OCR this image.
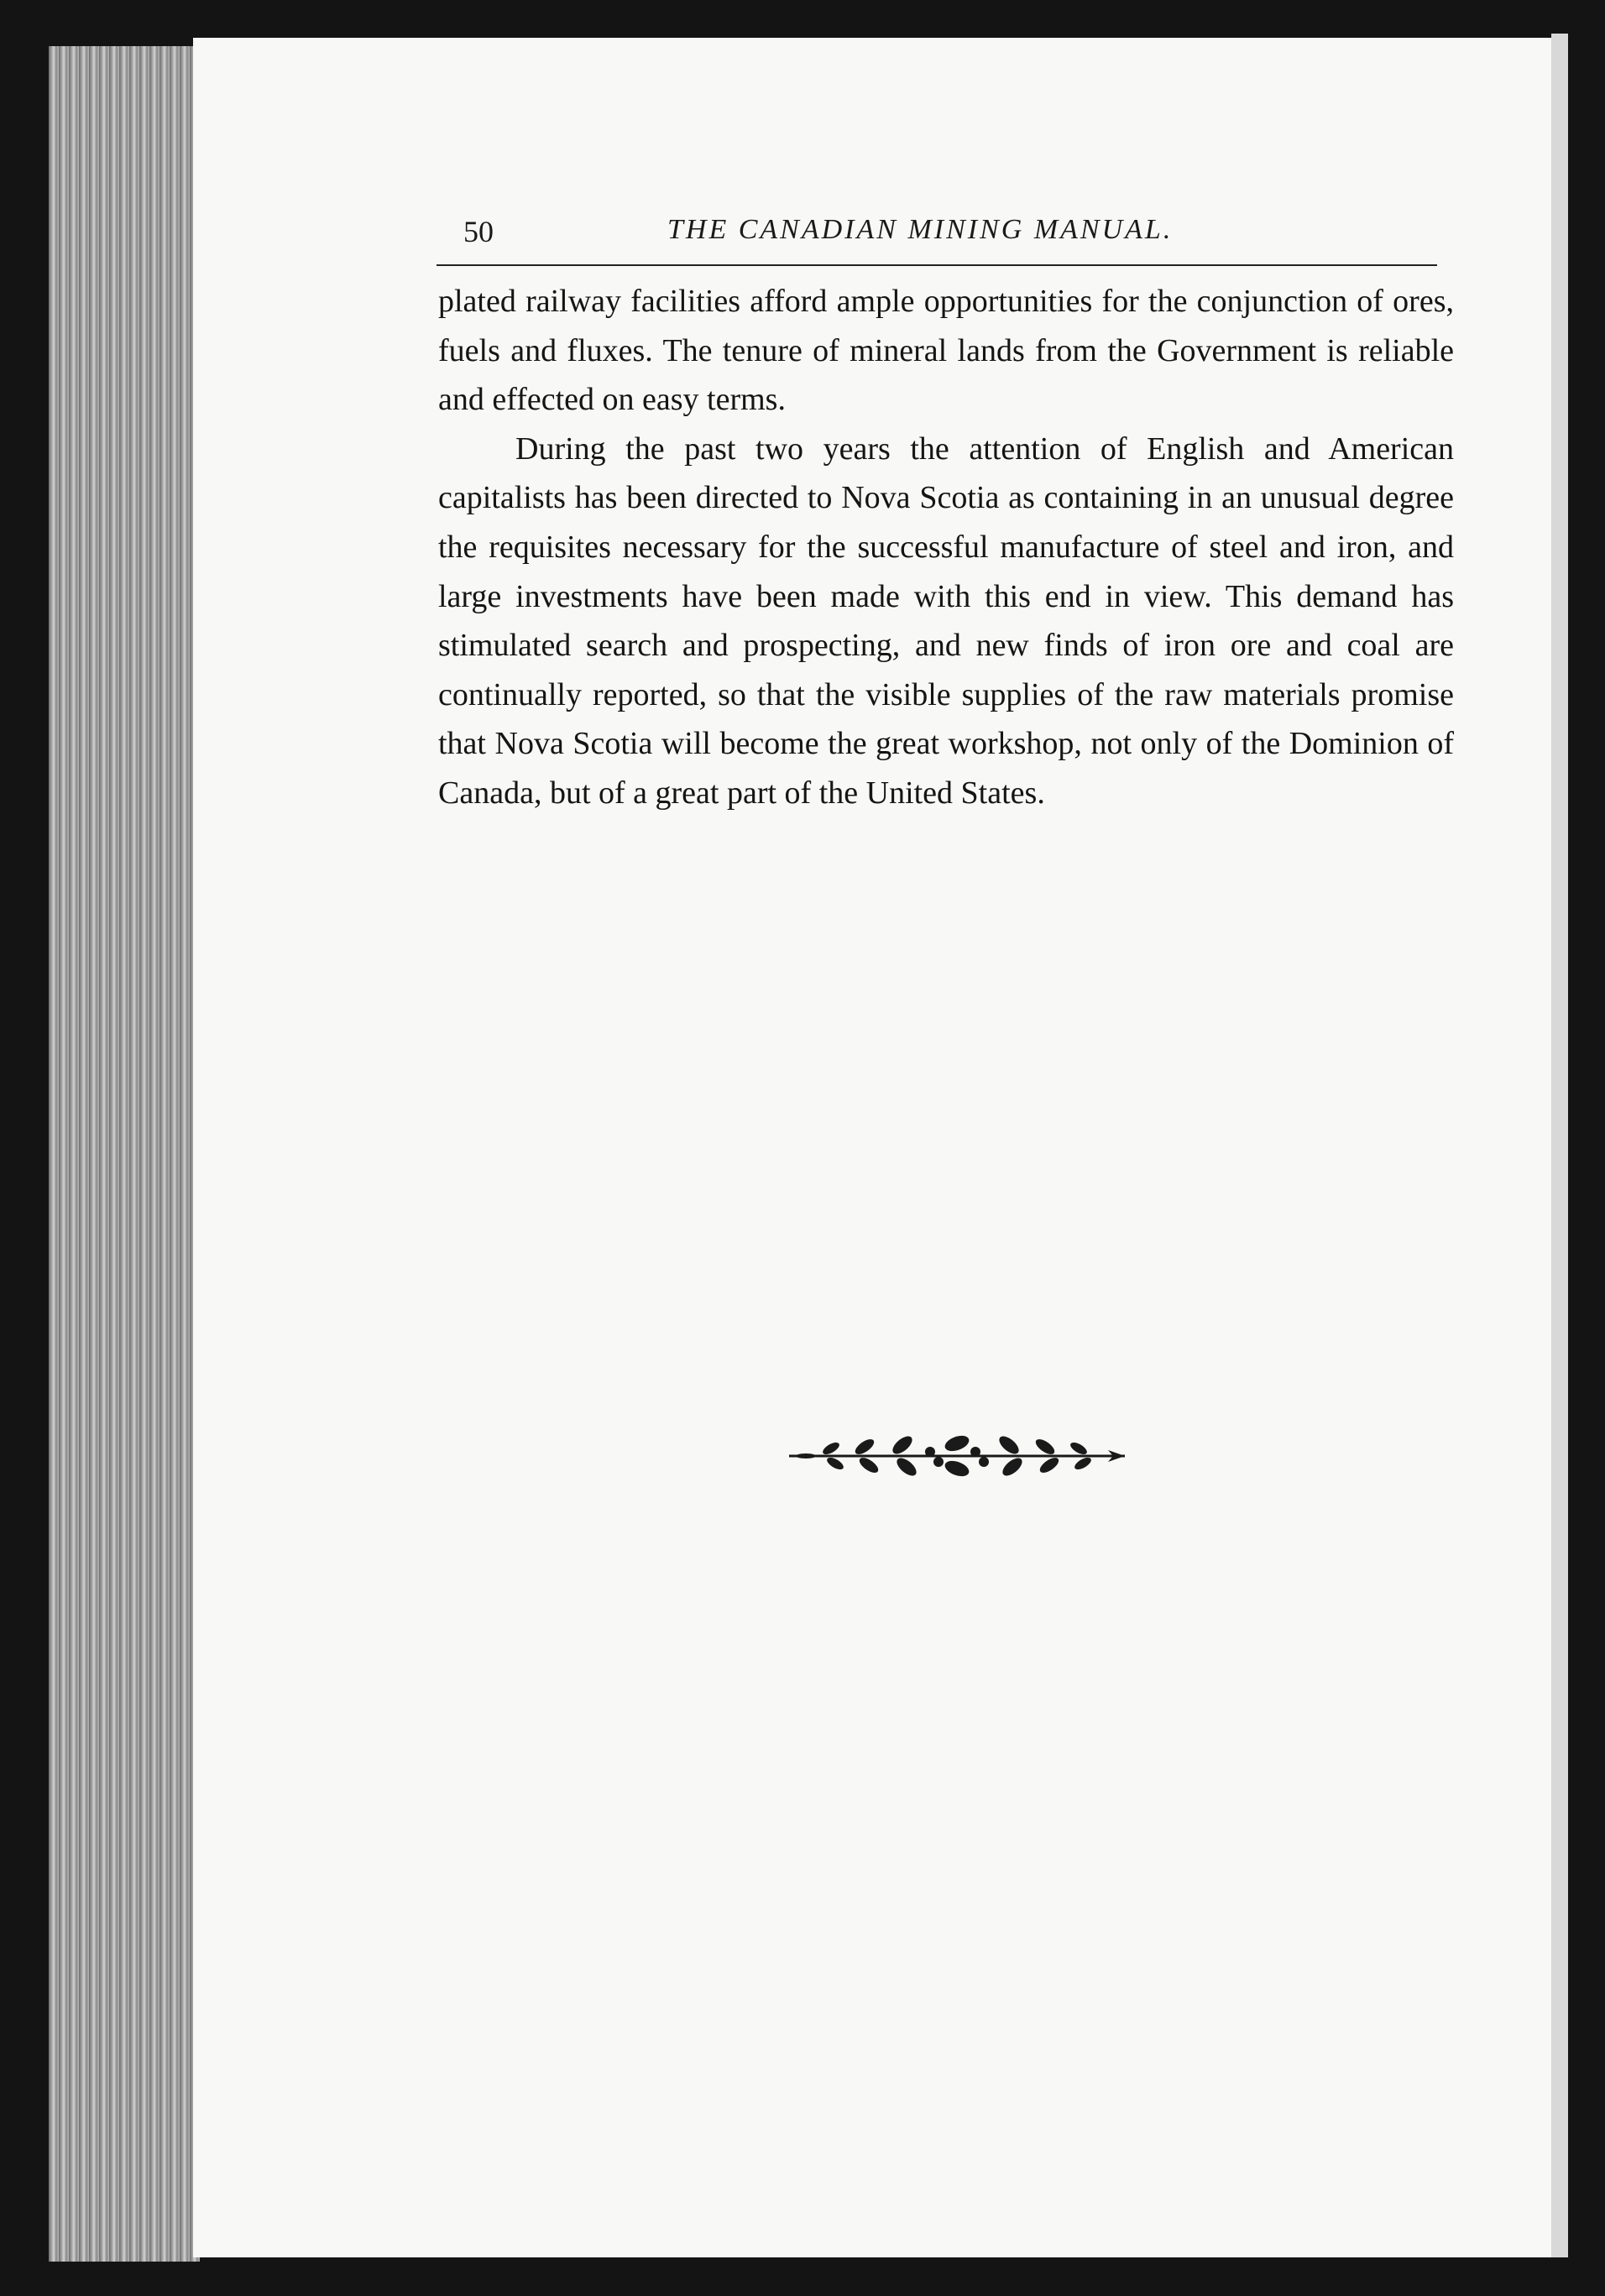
50	THE CANADIAN MINING MANUAL.

plated railway facilities afford ample opportunities for the conjunction of ores, fuels and fluxes. The tenure of mineral lands from the Government is reliable and effected on easy terms.

During the past two years the attention of English and American capitalists has been directed to Nova Scotia as containing in an unusual degree the requisites necessary for the successful manufacture of steel and iron, and large investments have been made with this end in view. This demand has stimulated search and prospecting, and new finds of iron ore and coal are continually reported, so that the visible supplies of the raw materials promise that Nova Scotia will become the great workshop, not only of the Dominion of Canada, but of a great part of the United States.
